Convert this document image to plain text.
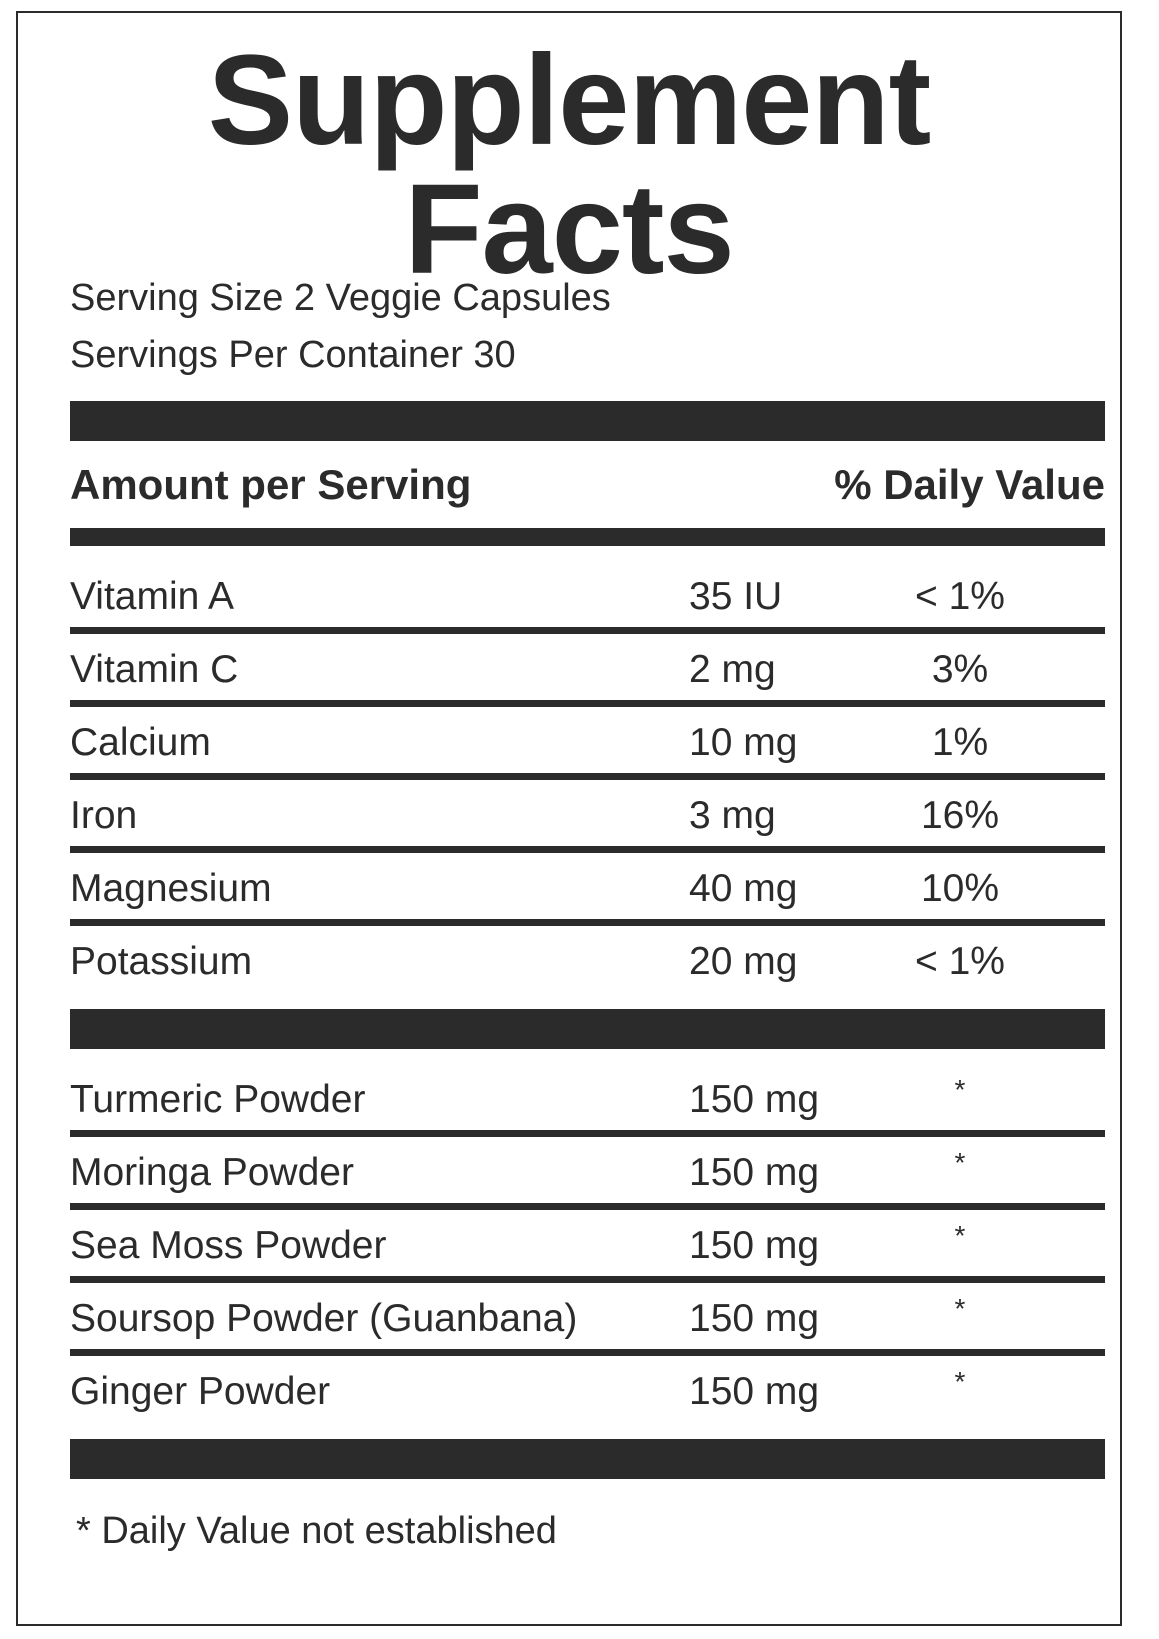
Supplement
Facts
Serving Size 2 Veggie Capsules
Servings Per Container 30
Amount per Serving	% Daily Value
Vitamin A	35 IU	< 1%
Vitamin C	2 mg	3%
Calcium	10 mg	1%
Iron	3 mg	16%
Magnesium	40 mg	10%
Potassium	20 mg	< 1%
Turmeric Powder	150 mg	*
Moringa Powder	150 mg	*
Sea Moss Powder	150 mg	*
Soursop Powder (Guanbana)	150 mg	*
Ginger Powder	150 mg	*
* Daily Value not established
